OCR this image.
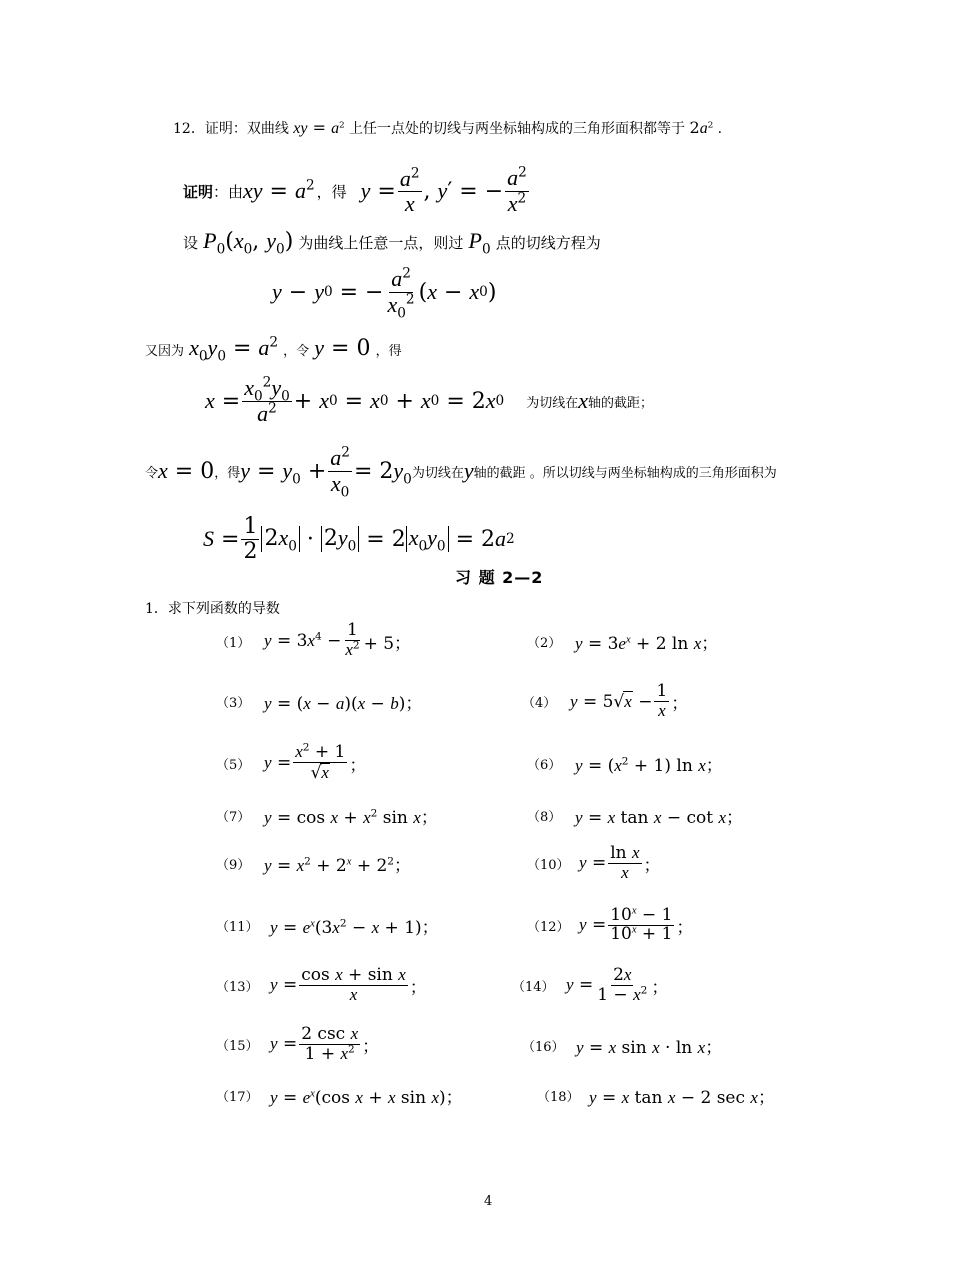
12．证明：双曲线 xy = $a^2$ 上任一点处的切线与两坐标轴构成的三角形面积都等于 $2a^2$ .
证明 ：由 xy = $a^2$ ，得 $y = \frac{a^2}{x}$ , y′ = − $\frac{a^2}{x^2}$
设 $P_0(x_0$, $y_0$) 为曲线上任意一点，则过 $P_0$ 点的切线方程为
y − y 0 = − $\frac{a^2}{x_0^2}$ ( x − x 0 )
又因为 $x_0y_0 = a^2$ ，令 y = 0 ，得
$x = \frac{x_0^2y_0}{a^2} + x$ 0 = x 0 + x 0 = 2 x 0 为切线在 x 轴的截距；
令 x = 0 ，得 $y = y_0 + \frac{a^2}{x_0} = 2y_0$ 为切线在 y 轴的截距 。所以切线与两坐标轴构成的三角形面积为
$S = \frac{1}{2} 2x_0 \cdot 2y_0 = 2$ $x_0y_0 = 2$ a 2
习 题 2—2
1．求下列函数的导数
（1） $y = 3x^4 - \frac{1}{x^2} + 5$；	（2） $y = 3e^x + 2$ ln x；
（3） y = (x − a)(x − b)；	（4） $y = 5√x - \frac{1}{x}$ ；
（5） $y = \frac{x^2 + 1}{√x}$ ；	（6） $y = (x^2 + 1)$ ln x；
（7） $y = \cos x + x^2$ sin x；	（8） y = x tan x − cot x；
（9） $y = x^2 + 2^x + 2^2$；	（10） $y = \frac{\text{ln x}}{x}$ ；
（11） $y = e^x(3x^2 - x + 1)$；	（12） $y = \frac{10^x - 1}{10^x + 1}$ ；
（13） $y = \frac{\text{cos x + sin x}}{x}$ ；	（14） $y = \frac{2x}{1 - x^2}$ ；
（15） $y = \frac{\text{2 csc x}}{1 + x^2}$ ；	（16） y = x sin x · ln x；
（17） $y = e^x(\cos$ x + x sin x)；	（18） y = x tan x − 2 sec x；
4
